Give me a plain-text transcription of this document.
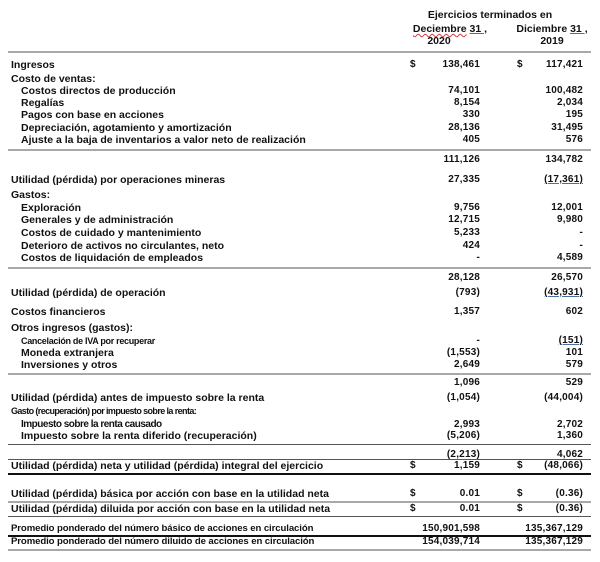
Ejercicios terminados en
Deciembre 31 ,
2020
Diciembre 31 ,
2019
Ingresos	$	138,461	$ 117,421
Costo de ventas:
Costos directos de producción	74,101	100,482
Regalías	8,154	2,034
Pagos con base en acciones	330	195
Depreciación, agotamiento y amortización	28,136	31,495
Ajuste a la baja de inventarios a valor neto de realización	405	576
111,126	134,782
Utilidad (pérdida) por operaciones mineras	27,335	(17,361)
Gastos:
Exploración	9,756	12,001
Generales y de administración	12,715	9,980
Costos de cuidado y mantenimiento	5,233	-
Deterioro de activos no circulantes, neto	424	-
Costos de liquidación de empleados	-	4,589
28,128	26,570
Utilidad (pérdida) de operación	(793)	(43,931)
Costos financieros	1,357	602
Otros ingresos (gastos):
Cancelación de IVA por recuperar	-	(151)
Moneda extranjera	(1,553)	101
Inversiones y otros	2,649	579
1,096	529
Utilidad (pérdida) antes de impuesto sobre la renta	(1,054)	(44,004)
Gasto (recuperación) por impuesto sobre la renta:
Impuesto sobre la renta causado	2,993	2,702
Impuesto sobre la renta diferido (recuperación)	(5,206)	1,360
(2,213)	4,062
Utilidad (pérdida) neta y utilidad (pérdida) integral del ejercicio	$	1,159	$ (48,066)
Utilidad (pérdida) básica por acción con base en la utilidad neta	$	0.01	$	(0.36)
Utilidad (pérdida) diluida por acción con base en la utilidad neta	$	0.01	$	(0.36)
Promedio ponderado del número básico de acciones en circulación	150,901,598	135,367,129
Promedio ponderado del número diluido de acciones en circulación	154,039,714	135,367,129
